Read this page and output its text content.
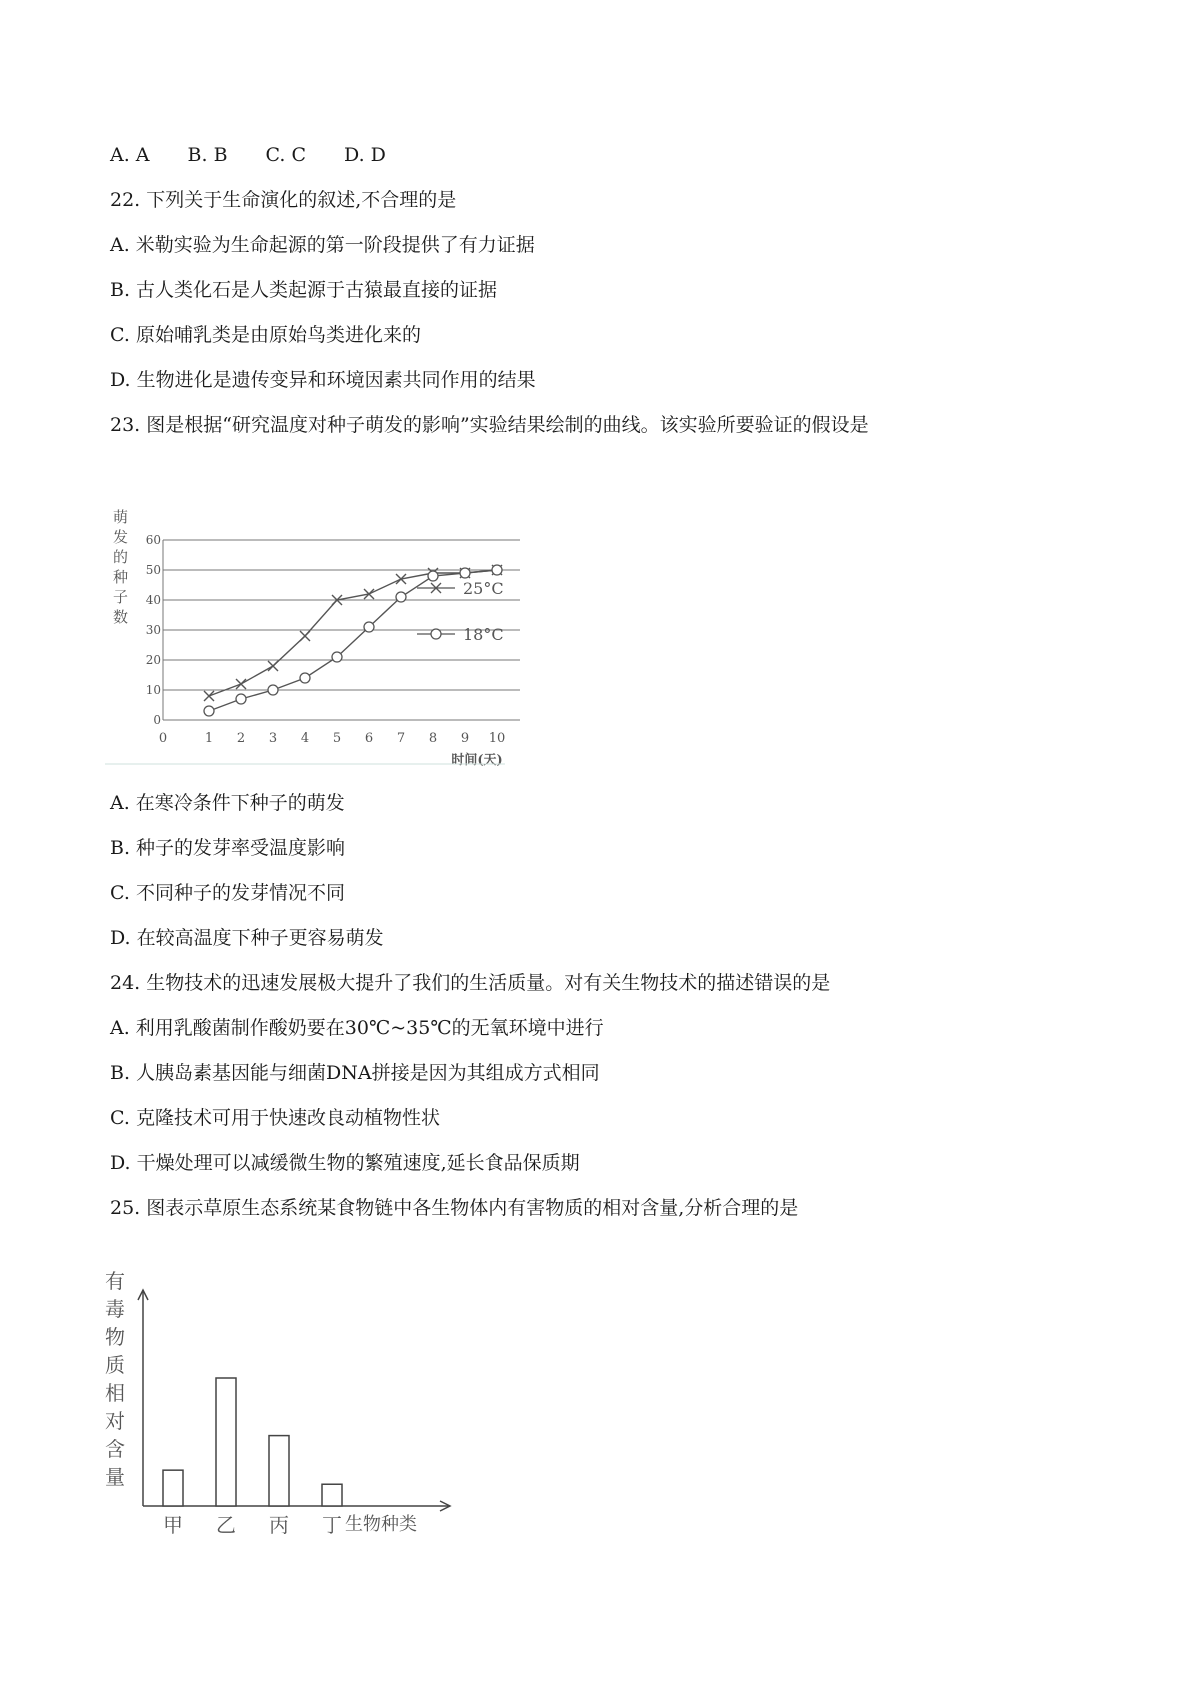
A. A B. B C. C D. D
22. 下列关于生命演化的叙述,不合理的是
A. 米勒实验为生命起源的第一阶段提供了有力证据
B. 古人类化石是人类起源于古猿最直接的证据
C. 原始哺乳类是由原始鸟类进化来的
D. 生物进化是遗传变异和环境因素共同作用的结果
23. 图是根据“研究温度对种子萌发的影响”实验结果绘制的曲线。该实验所要验证的假设是
0
10
20
30
40
50
60
0	1 2 3 4 5 6 7 8 9 10
时间(天)
萌
发
的
种
子
数
25°C
18°C
A. 在寒冷条件下种子的萌发
B. 种子的发芽率受温度影响
C. 不同种子的发芽情况不同
D. 在较高温度下种子更容易萌发
24. 生物技术的迅速发展极大提升了我们的生活质量。对有关生物技术的描述错误的是
A. 利用乳酸菌制作酸奶要在30℃~35℃的无氧环境中进行
B. 人胰岛素基因能与细菌DNA拼接是因为其组成方式相同
C. 克隆技术可用于快速改良动植物性状
D. 干燥处理可以减缓微生物的繁殖速度,延长食品保质期
25. 图表示草原生态系统某食物链中各生物体内有害物质的相对含量,分析合理的是
有
毒
物
质
相
对
含
量
甲 乙 丙 丁 生物种类
